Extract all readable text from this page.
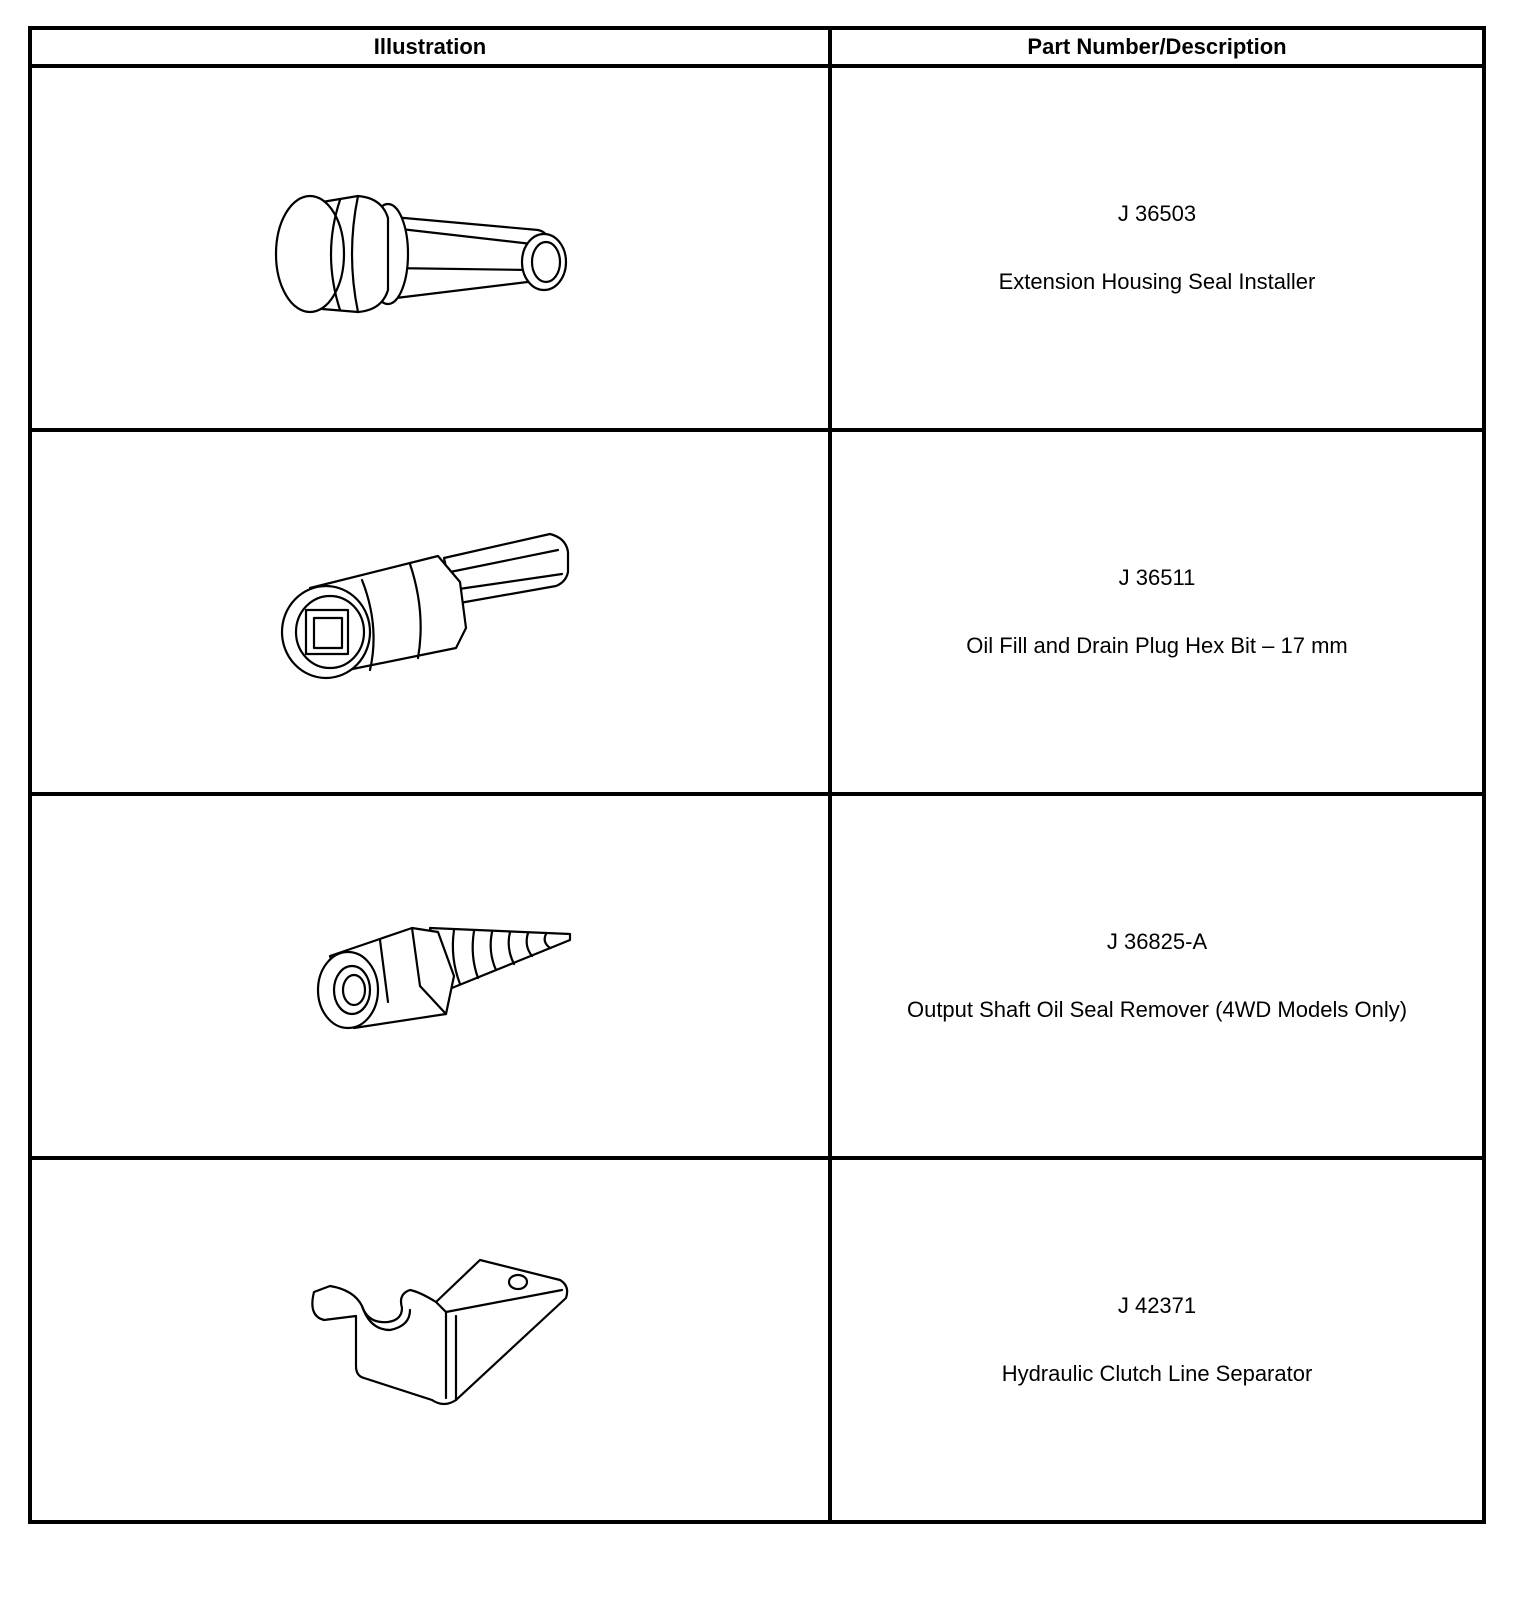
Illustration	Part Number/Description

J 36503
Extension Housing Seal Installer

J 36511
Oil Fill and Drain Plug Hex Bit – 17 mm

J 36825-A
Output Shaft Oil Seal Remover (4WD Models Only)

J 42371
Hydraulic Clutch Line Separator
